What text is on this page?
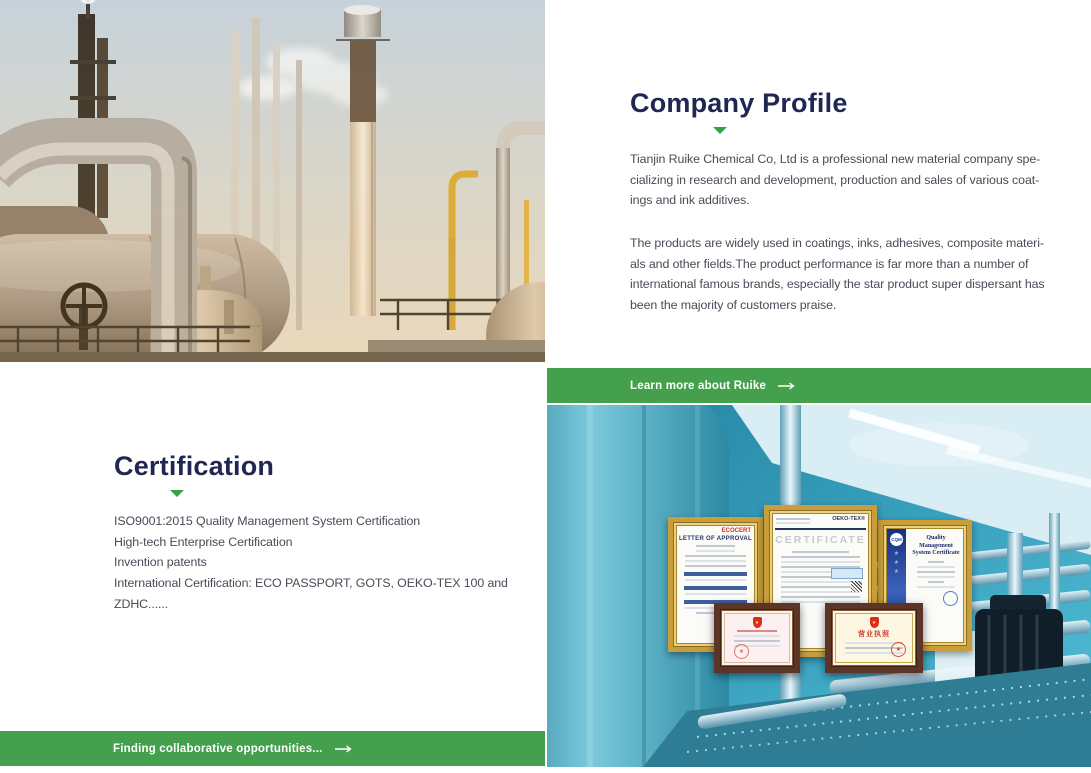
Company Profile
Tianjin Ruike Chemical Co, Ltd is a professional new material company spe-
cializing in research and development, production and sales of various coat-
ings and ink additives.
The products are widely used in coatings, inks, adhesives, composite materi-
als and other fields.The product performance is far more than a number of
international famous brands, especially the star product super dispersant has
been the majority of customers praise.
Learn more about Ruike
ECOCERT
LETTER OF APPROVAL	CQM
★
★
★
Quality Management System Certificate
OEKO-TEX®
CERTIFICATE
★
★
★
营业执照
★
Certification
ISO9001:2015 Quality Management System Certification
High-tech Enterprise Certification
Invention patents
International Certification: ECO PASSPORT, GOTS, OEKO-TEX 100 and
ZDHC......
Finding collaborative opportunities...
